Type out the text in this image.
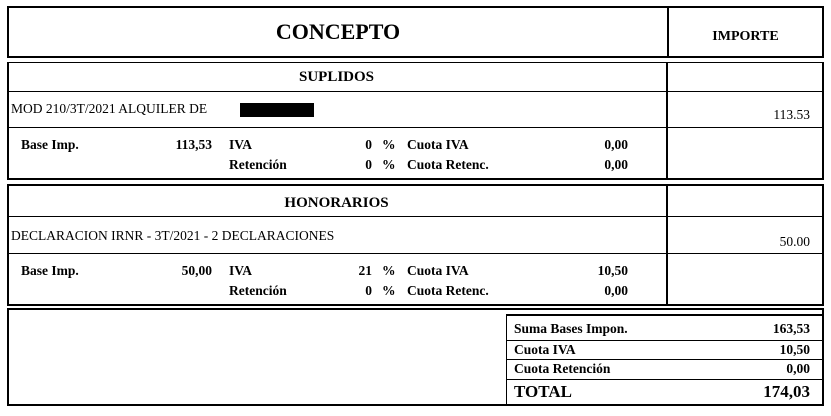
CONCEPTO	IMPORTE
SUPLIDOS
MOD 210/3T/2021 ALQUILER DE	113.53
Base Imp.	113,53 IVA	0 % Cuota IVA	0,00
Retención	0 % Cuota Retenc.	0,00
HONORARIOS
DECLARACION IRNR - 3T/2021 - 2 DECLARACIONES	50.00
Base Imp.	50,00 IVA	21 % Cuota IVA	10,50
Retención	0 % Cuota Retenc.	0,00
Suma Bases Impon.	163,53
Cuota IVA	10,50
Cuota Retención	0,00
TOTAL	174,03
